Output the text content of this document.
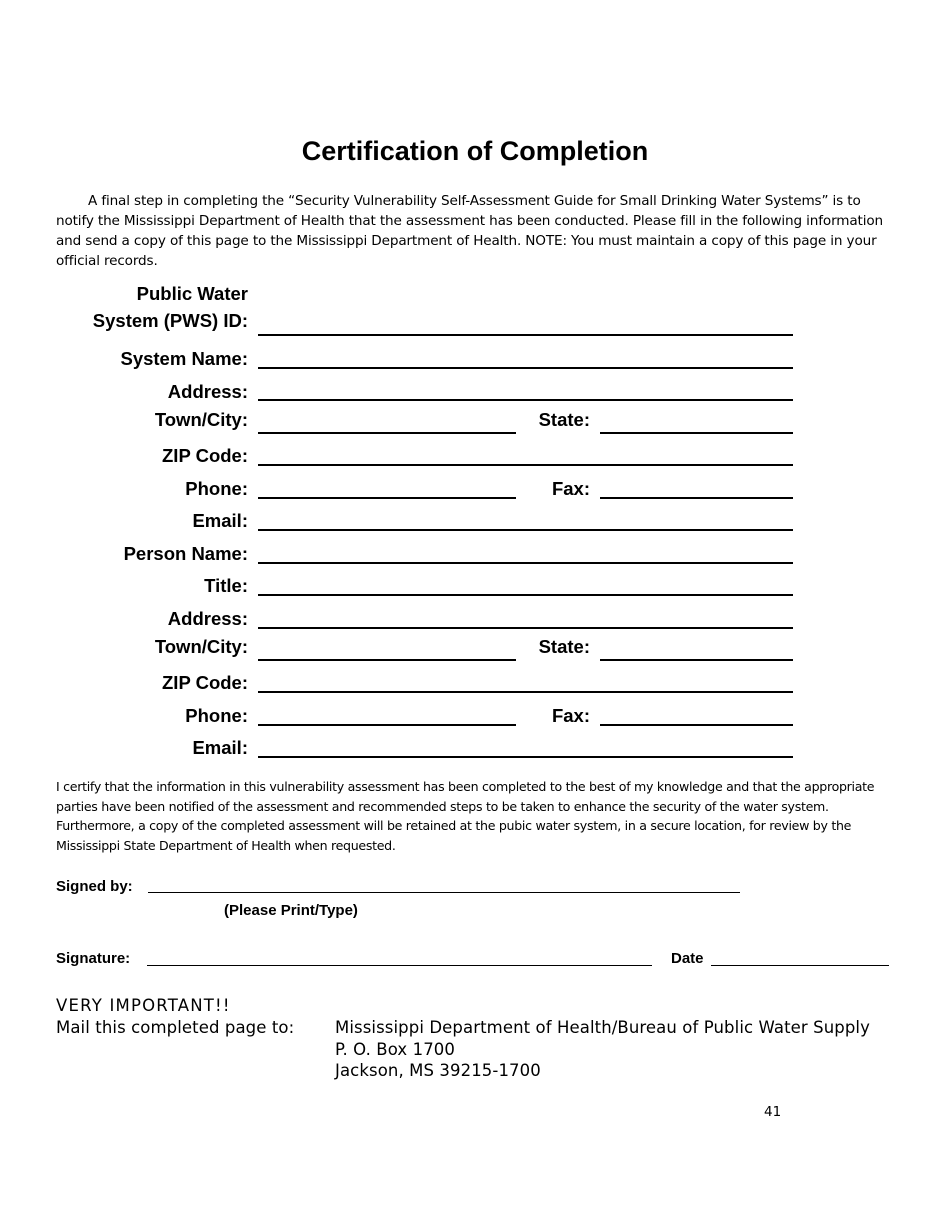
Certification of Completion
A final step in completing the “Security Vulnerability Self-Assessment Guide for Small Drinking Water Systems” is to notify the Mississippi Department of Health that the assessment has been conducted. Please fill in the following information and send a copy of this page to the Mississippi Department of Health. NOTE: You must maintain a copy of this page in your official records.
Public Water
System (PWS) ID:
System Name:
Address:
Town/City:	State:
ZIP Code:
Phone:	Fax:
Email:
Person Name:
Title:
Address:
Town/City:	State:
ZIP Code:
Phone:	Fax:
Email:
I certify that the information in this vulnerability assessment has been completed to the best of my knowledge and that the appropriate parties have been notified of the assessment and recommended steps to be taken to enhance the security of the water system. Furthermore, a copy of the completed assessment will be retained at the pubic water system, in a secure location, for review by the Mississippi State Department of Health when requested.
Signed by:
(Please Print/Type)
Signature:	Date
VERY IMPORTANT!!
Mail this completed page to: Mississippi Department of Health/Bureau of Public Water Supply
P. O. Box 1700
Jackson, MS 39215-1700
41
